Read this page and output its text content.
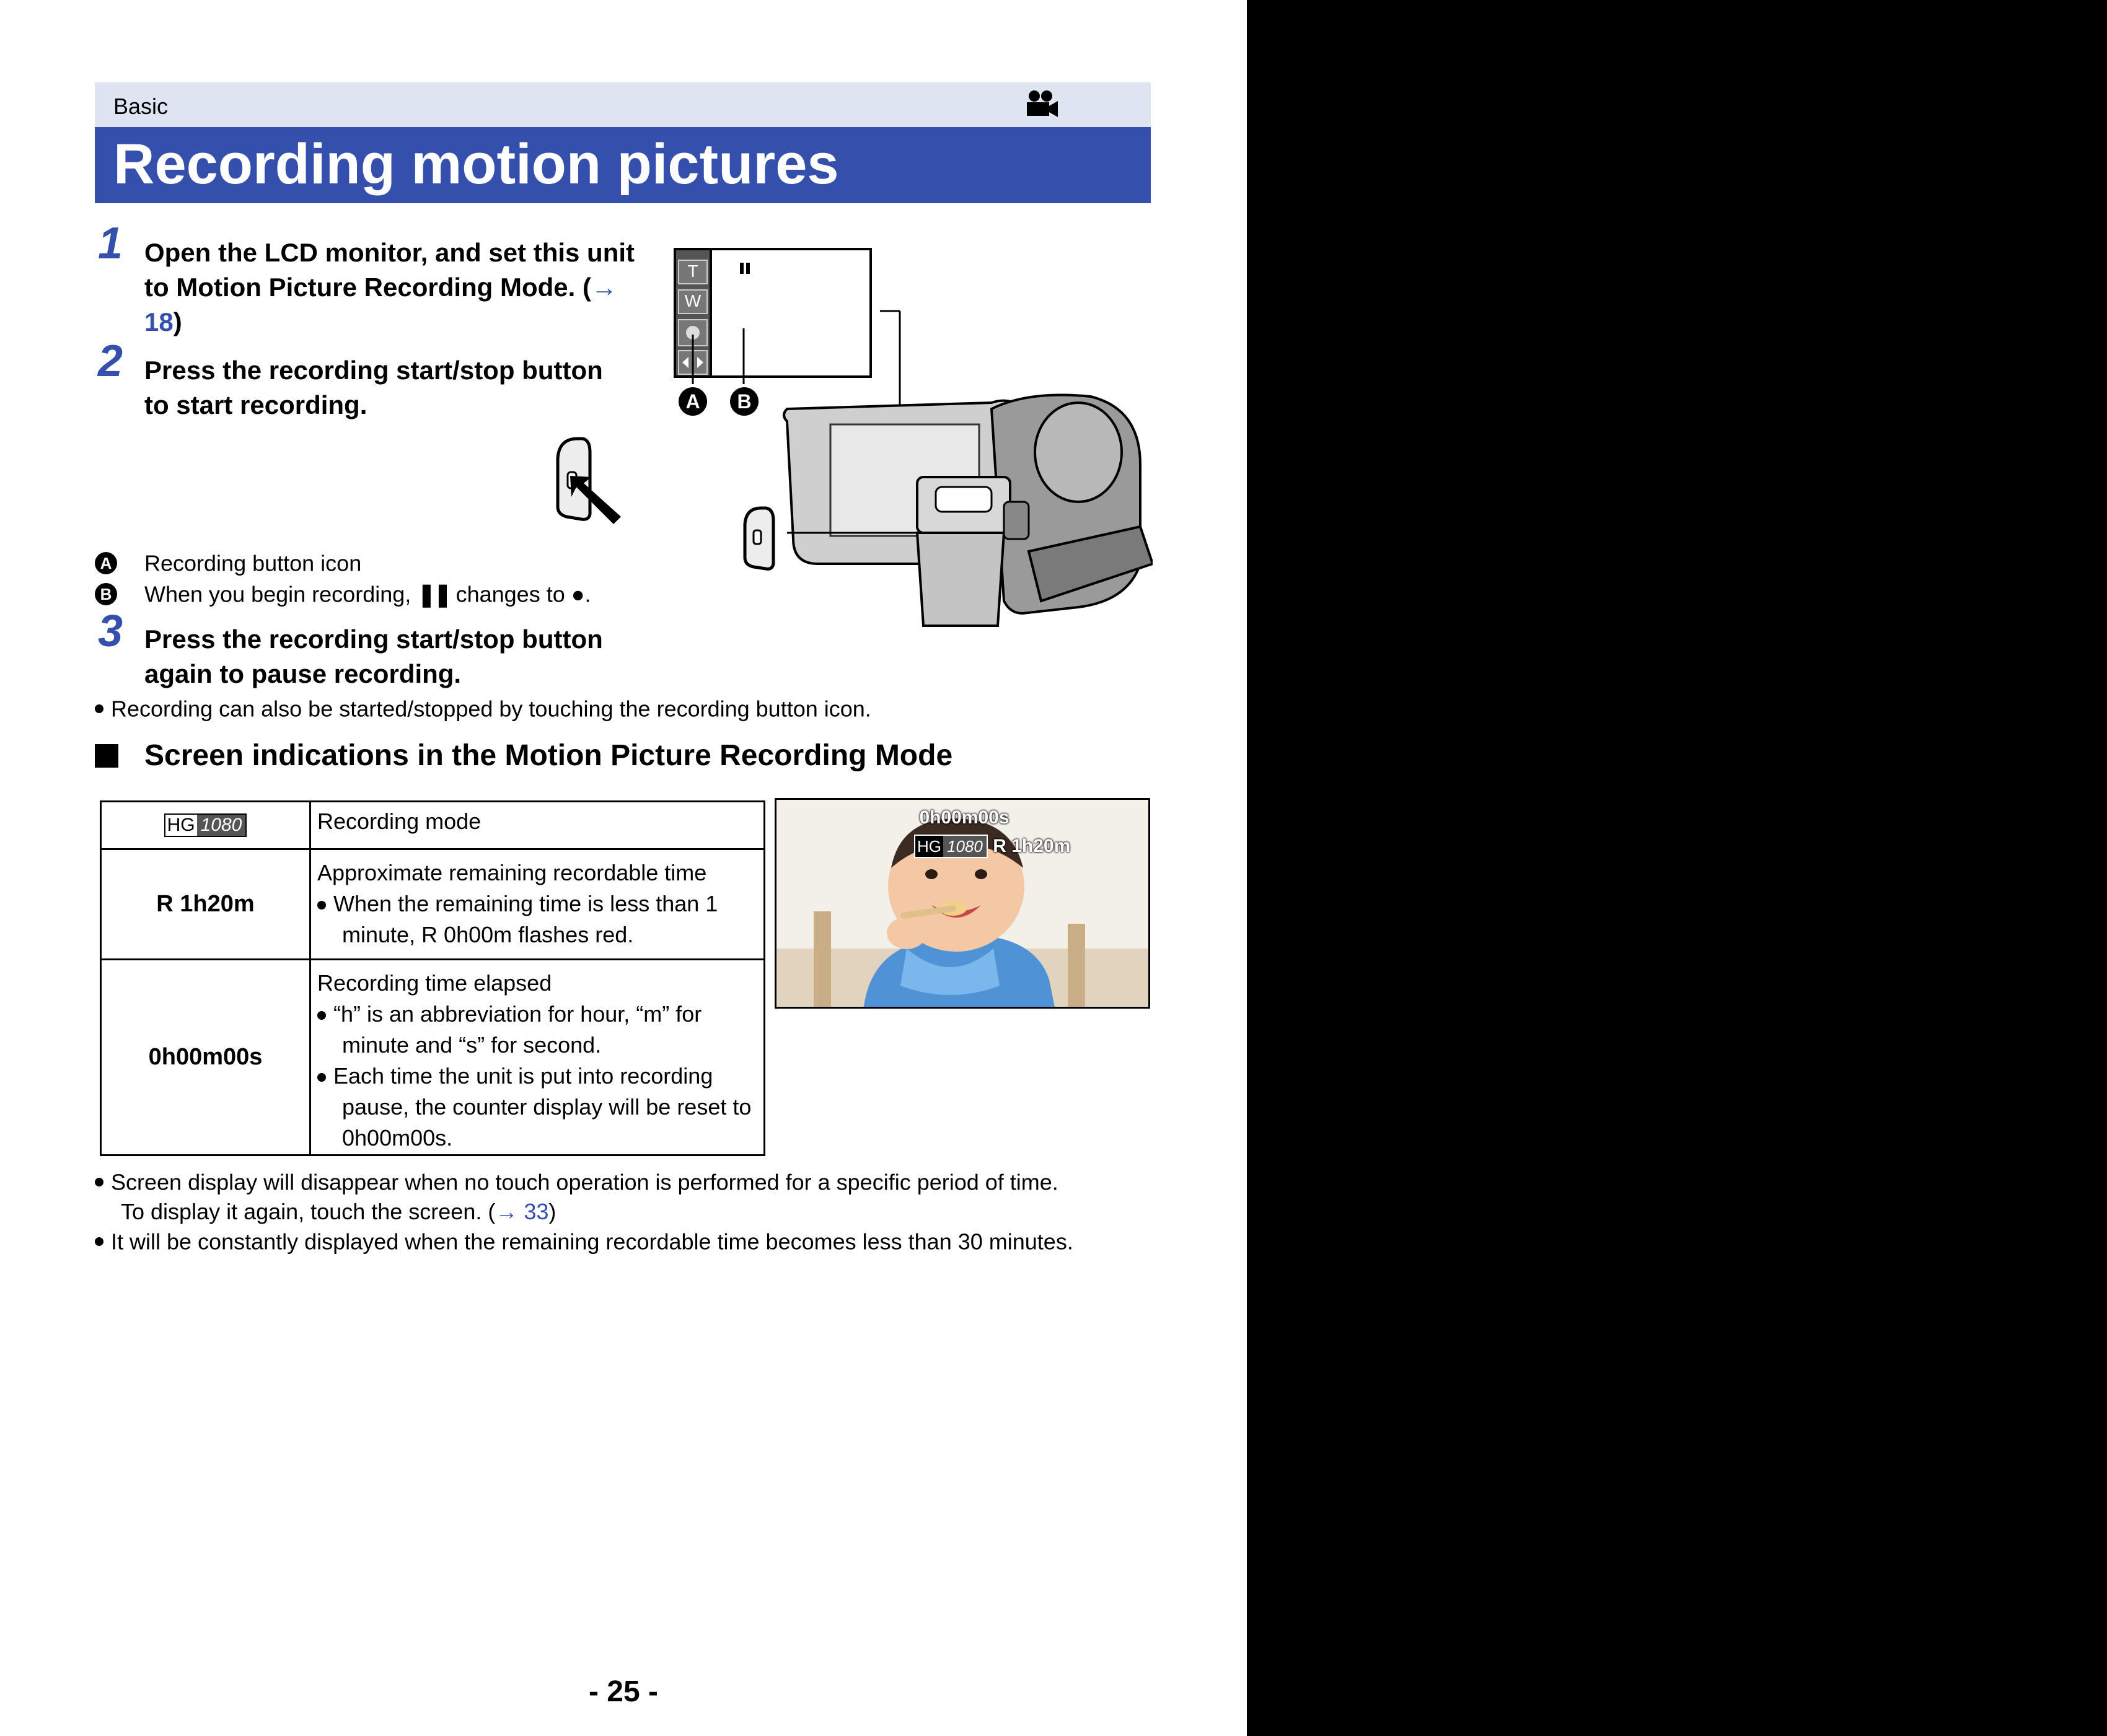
Basic
Recording motion pictures
1 Open the LCD monitor, and set this unit to Motion Picture Recording Mode. (→ 18)
2 Press the recording start/stop button
to start recording.
T
W
A	B
A Recording button icon
B When you begin recording, ❚❚ changes to ●.
3 Press the recording start/stop button
again to pause recording.
Recording can also be started/stopped by touching the recording button icon.
Screen indications in the Motion Picture Recording Mode
HG 1080	Recording mode
R 1h20m
Approximate remaining recordable time
When the remaining time is less than 1 minute, R 0h00m flashes red.
0h00m00s
Recording time elapsed
“h” is an abbreviation for hour, “m” for minute and “s” for second.
Each time the unit is put into recording pause, the counter display will be reset to 0h00m00s.
0h00m00s
HG 1080 R 1h20m
Screen display will disappear when no touch operation is performed for a specific period of time.
To display it again, touch the screen. (→ 33)
It will be constantly displayed when the remaining recordable time becomes less than 30 minutes.
- 25 -
